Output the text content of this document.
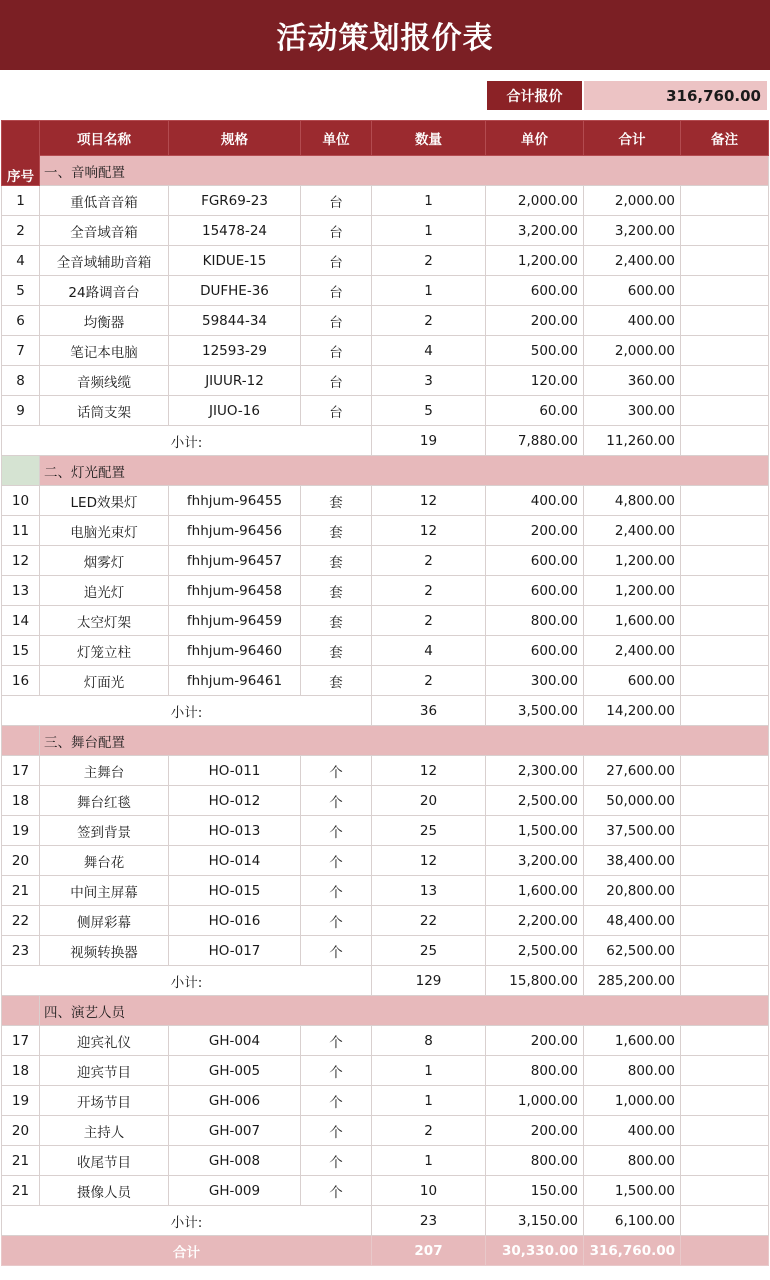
活动策划报价表
合计报价	316,760.00
序号	项目名称	规格	单位	数量	单价	合计	备注
	一、音响配置						
1	重低音音箱	FGR69-23	台	1	2,000.00	2,000.00	
2	全音域音箱	15478-24	台	1	3,200.00	3,200.00	
4	全音域辅助音箱	KIDUE-15	台	2	1,200.00	2,400.00	
5	24路调音台	DUFHE-36	台	1	600.00	600.00	
6	均衡器	59844-34	台	2	200.00	400.00	
7	笔记本电脑	12593-29	台	4	500.00	2,000.00	
8	音频线缆	JIUUR-12	台	3	120.00	360.00	
9	话筒支架	JIUO-16	台	5	60.00	300.00	
小计:				19	7,880.00	11,260.00	
	二、灯光配置						
10	LED效果灯	fhhjum-96455	套	12	400.00	4,800.00	
11	电脑光束灯	fhhjum-96456	套	12	200.00	2,400.00	
12	烟雾灯	fhhjum-96457	套	2	600.00	1,200.00	
13	追光灯	fhhjum-96458	套	2	600.00	1,200.00	
14	太空灯架	fhhjum-96459	套	2	800.00	1,600.00	
15	灯笼立柱	fhhjum-96460	套	4	600.00	2,400.00	
16	灯面光	fhhjum-96461	套	2	300.00	600.00	
小计:				36	3,500.00	14,200.00	
	三、舞台配置						
17	主舞台	HO-011	个	12	2,300.00	27,600.00	
18	舞台红毯	HO-012	个	20	2,500.00	50,000.00	
19	签到背景	HO-013	个	25	1,500.00	37,500.00	
20	舞台花	HO-014	个	12	3,200.00	38,400.00	
21	中间主屏幕	HO-015	个	13	1,600.00	20,800.00	
22	侧屏彩幕	HO-016	个	22	2,200.00	48,400.00	
23	视频转换器	HO-017	个	25	2,500.00	62,500.00	
小计:				129	15,800.00	285,200.00	
	四、演艺人员						
17	迎宾礼仪	GH-004	个	8	200.00	1,600.00	
18	迎宾节目	GH-005	个	1	800.00	800.00	
19	开场节目	GH-006	个	1	1,000.00	1,000.00	
20	主持人	GH-007	个	2	200.00	400.00	
21	收尾节目	GH-008	个	1	800.00	800.00	
21	摄像人员	GH-009	个	10	150.00	1,500.00	
小计:				23	3,150.00	6,100.00	
合计				207	30,330.00	316,760.00	
